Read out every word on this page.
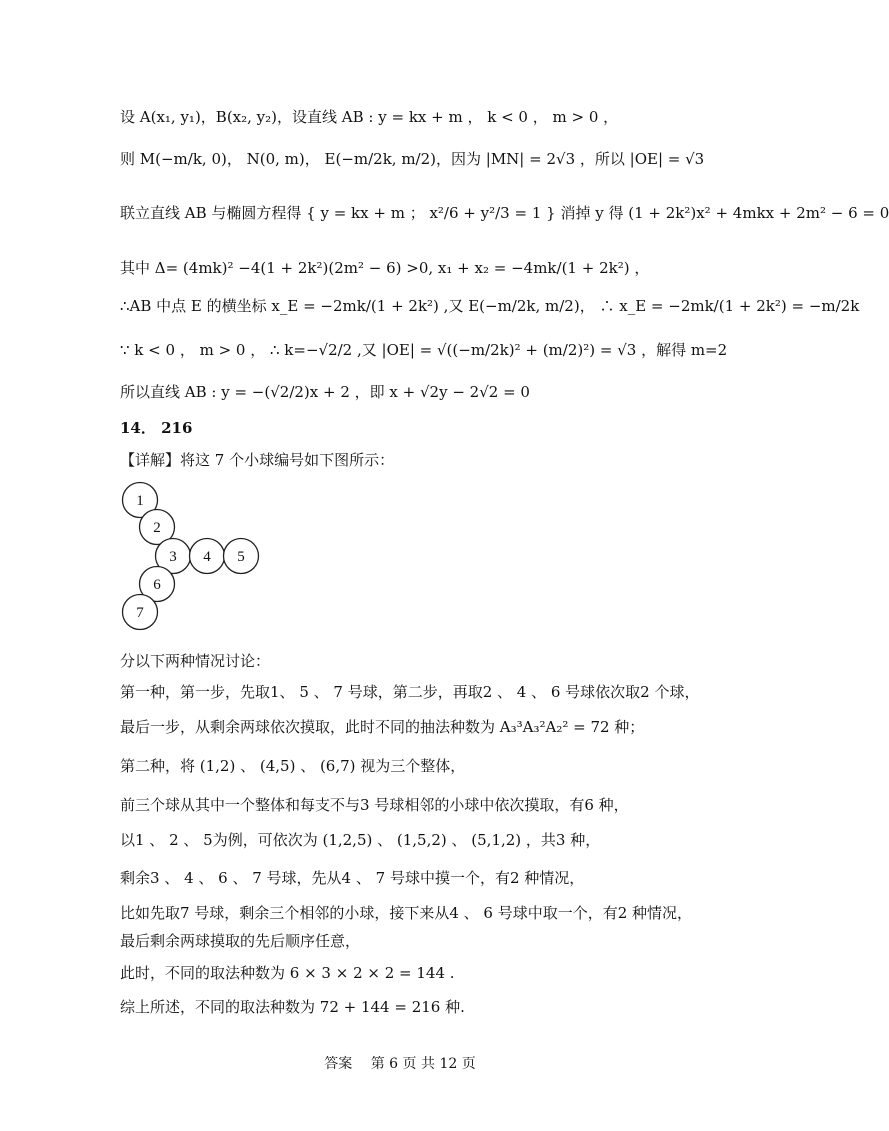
设 A(x₁, y₁)，B(x₂, y₂)，设直线 AB : y = kx + m ， k < 0 ， m > 0 ，
则 M(−m/k, 0)， N(0, m)， E(−m/2k, m/2)，因为 |MN| = 2√3 ，所以 |OE| = √3
联立直线 AB 与椭圆方程得 { y = kx + m ； x²/6 + y²/3 = 1 } 消掉 y 得 (1 + 2k²)x² + 4mkx + 2m² − 6 = 0
其中 Δ= (4mk)² −4(1 + 2k²)(2m² − 6) >0, x₁ + x₂ = −4mk/(1 + 2k²) ，
∴AB 中点 E 的横坐标 x_E = −2mk/(1 + 2k²) ,又 E(−m/2k, m/2)， ∴ x_E = −2mk/(1 + 2k²) = −m/2k
∵ k < 0 ， m > 0 ， ∴ k=−√2/2 ,又 |OE| = √((−m/2k)² + (m/2)²) = √3 ，解得 m=2
所以直线 AB : y = −(√2/2)x + 2 ，即 x + √2y − 2√2 = 0
14． 216
【详解】将这 7 个小球编号如下图所示：
1
2
3 4 5
6
7
分以下两种情况讨论：
第一种，第一步，先取1、 5 、 7 号球，第二步，再取2 、 4 、 6 号球依次取2 个球，
最后一步，从剩余两球依次摸取，此时不同的抽法种数为 A₃³A₃²A₂² = 72 种；
第二种，将 (1,2) 、 (4,5) 、 (6,7) 视为三个整体，
前三个球从其中一个整体和每支不与3 号球相邻的小球中依次摸取，有6 种，
以1 、 2 、 5为例，可依次为 (1,2,5) 、 (1,5,2) 、 (5,1,2) ，共3 种，
剩余3 、 4 、 6 、 7 号球，先从4 、 7 号球中摸一个，有2 种情况，
比如先取7 号球，剩余三个相邻的小球，接下来从4 、 6 号球中取一个，有2 种情况，
最后剩余两球摸取的先后顺序任意，
此时，不同的取法种数为 6 × 3 × 2 × 2 = 144 .
综上所述，不同的取法种数为 72 + 144 = 216 种.
答案　 第 6 页 共 12 页
